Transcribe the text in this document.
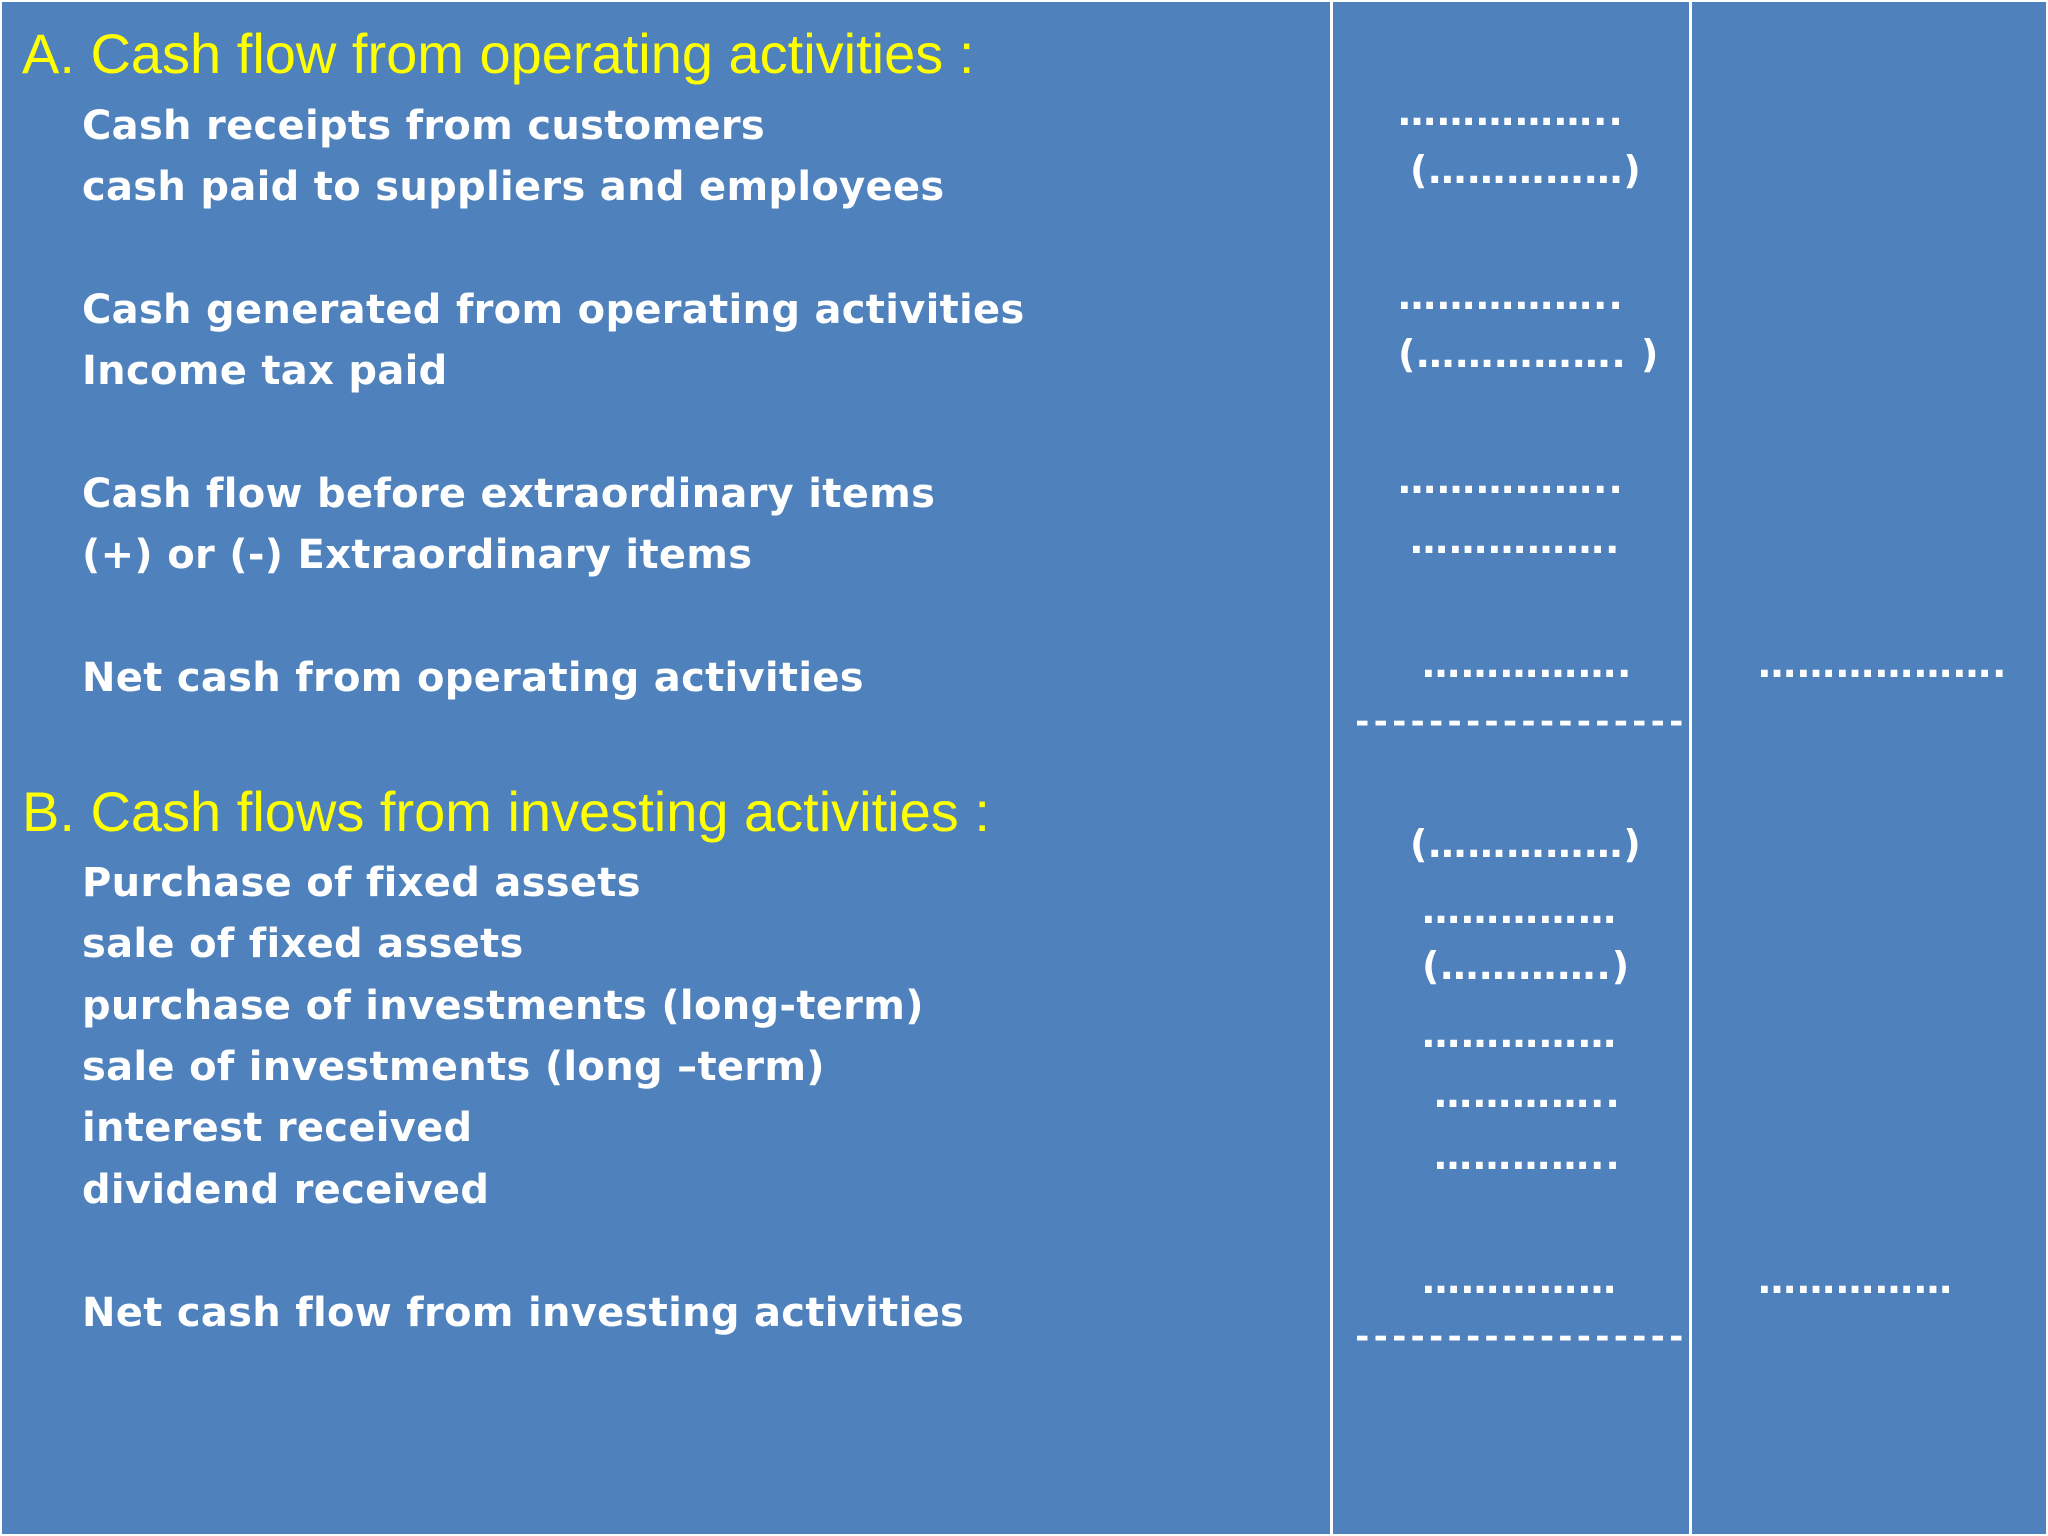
A. Cash flow from operating activities :
Cash receipts from customers
cash paid to suppliers and employees
Cash generated from operating activities
Income tax paid
Cash flow before extraordinary items
(+) or (-) Extraordinary items
Net cash from operating activities
……………..
(……………)
……………..
(……………. )
……………..
…………….
…………….	……………….
------------------
B. Cash flows from investing activities :
Purchase of fixed assets
sale of fixed assets
purchase of investments (long-term)
sale of investments (long –term)
interest received
dividend received
Net cash flow from investing activities
(……………)
……………
(………….)
……………
…………..
…………..
……………	……………
------------------
